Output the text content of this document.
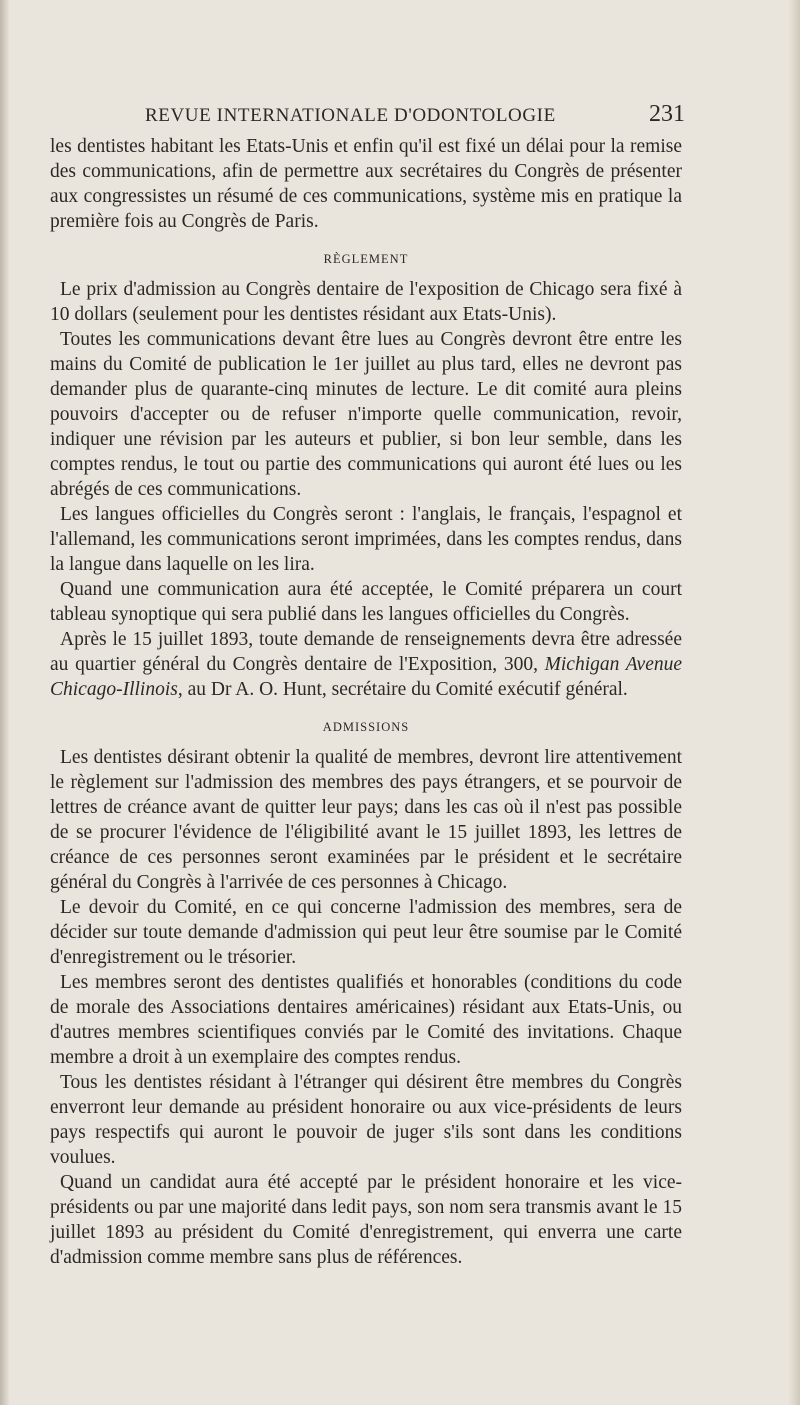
REVUE INTERNATIONALE D'ODONTOLOGIE	231

les dentistes habitant les Etats-Unis et enfin qu'il est fixé un délai pour la remise des communications, afin de permettre aux secrétaires du Congrès de présenter aux congressistes un résumé de ces communications, système mis en pratique la première fois au Congrès de Paris.

RÈGLEMENT

Le prix d'admission au Congrès dentaire de l'exposition de Chicago sera fixé à 10 dollars (seulement pour les dentistes résidant aux Etats-Unis).

Toutes les communications devant être lues au Congrès devront être entre les mains du Comité de publication le 1er juillet au plus tard, elles ne devront pas demander plus de quarante-cinq minutes de lecture. Le dit comité aura pleins pouvoirs d'accepter ou de refuser n'importe quelle communication, revoir, indiquer une révision par les auteurs et publier, si bon leur semble, dans les comptes rendus, le tout ou partie des communications qui auront été lues ou les abrégés de ces communications.

Les langues officielles du Congrès seront : l'anglais, le français, l'espagnol et l'allemand, les communications seront imprimées, dans les comptes rendus, dans la langue dans laquelle on les lira.

Quand une communication aura été acceptée, le Comité préparera un court tableau synoptique qui sera publié dans les langues officielles du Congrès.

Après le 15 juillet 1893, toute demande de renseignements devra être adressée au quartier général du Congrès dentaire de l'Exposition, 300, Michigan Avenue Chicago-Illinois, au Dr A. O. Hunt, secrétaire du Comité exécutif général.

ADMISSIONS

Les dentistes désirant obtenir la qualité de membres, devront lire attentivement le règlement sur l'admission des membres des pays étrangers, et se pourvoir de lettres de créance avant de quitter leur pays; dans les cas où il n'est pas possible de se procurer l'évidence de l'éligibilité avant le 15 juillet 1893, les lettres de créance de ces personnes seront examinées par le président et le secrétaire général du Congrès à l'arrivée de ces personnes à Chicago.

Le devoir du Comité, en ce qui concerne l'admission des membres, sera de décider sur toute demande d'admission qui peut leur être soumise par le Comité d'enregistrement ou le trésorier.

Les membres seront des dentistes qualifiés et honorables (conditions du code de morale des Associations dentaires américaines) résidant aux Etats-Unis, ou d'autres membres scientifiques conviés par le Comité des invitations. Chaque membre a droit à un exemplaire des comptes rendus.

Tous les dentistes résidant à l'étranger qui désirent être membres du Congrès enverront leur demande au président honoraire ou aux vice-présidents de leurs pays respectifs qui auront le pouvoir de juger s'ils sont dans les conditions voulues.

Quand un candidat aura été accepté par le président honoraire et les vice-présidents ou par une majorité dans ledit pays, son nom sera transmis avant le 15 juillet 1893 au président du Comité d'enregistrement, qui enverra une carte d'admission comme membre sans plus de références.
